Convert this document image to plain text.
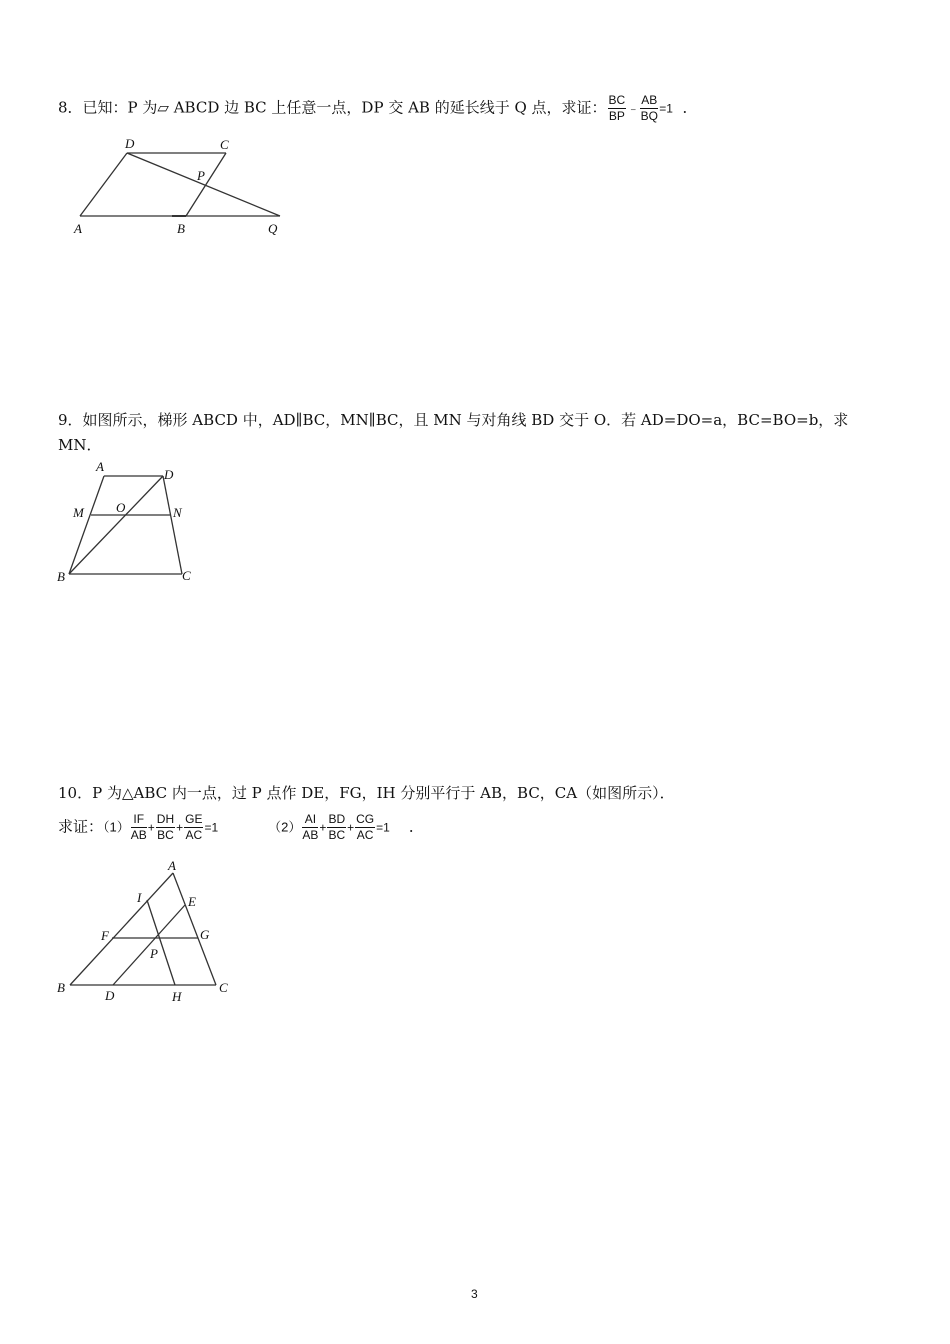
8．已知：P 为▱ ABCD 边 BC 上任意一点，DP 交 AB 的延长线于 Q 点，求证： $\frac{BC}{BP}$ ﹣ $\frac{AB}{BQ} =1$ ．
D	C
P
A	B	Q
9．如图所示，梯形 ABCD 中，AD∥BC，MN∥BC，且 MN 与对角线 BD 交于 O．若 AD=DO=a，BC=BO=b，求
MN．
A
D
M O	N
B	C
10．P 为△ABC 内一点，过 P 点作 DE，FG，IH 分别平行于 AB，BC，CA（如图所示）．
求证：$(1) \frac{IF}{AB} + \frac{DH}{BC} + \frac{GE}{AC} =1$	$(2) \frac{AI}{AB} + \frac{BD}{BC} + \frac{CG}{AC} =1$ ．
A
I	E
F	G
P
B
D	H
C
3
